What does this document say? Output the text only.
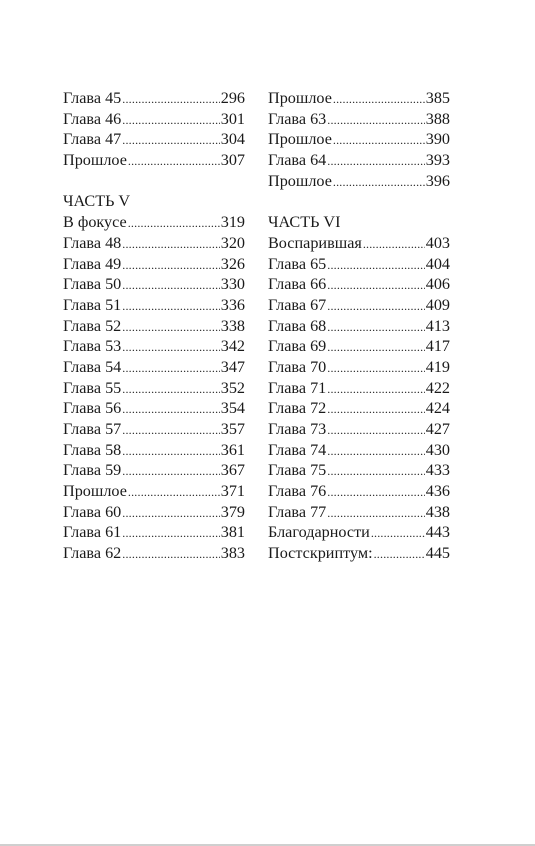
Глава 45 .....	296
Глава 46 .....	301
Глава 47 .....	304
Прошлое .....	307
ЧАСТЬ V
В фокусе .....	319
Глава 48 .....	320
Глава 49 .....	326
Глава 50 .....	330
Глава 51 .....	336
Глава 52 .....	338
Глава 53 .....	342
Глава 54 .....	347
Глава 55 .....	352
Глава 56 .....	354
Глава 57 .....	357
Глава 58 .....	361
Глава 59 .....	367
Прошлое .....	371
Глава 60 .....	379
Глава 61 .....	381
Глава 62 .....	383
Прошлое .....	385
Глава 63 .....	388
Прошлое .....	390
Глава 64 .....	393
Прошлое .....	396
ЧАСТЬ VI
Воспарившая .....	403
Глава 65 .....	404
Глава 66 .....	406
Глава 67 .....	409
Глава 68 .....	413
Глава 69 .....	417
Глава 70 .....	419
Глава 71 .....	422
Глава 72 .....	424
Глава 73 .....	427
Глава 74 .....	430
Глава 75 .....	433
Глава 76 .....	436
Глава 77 .....	438
Благодарности .....	443
Постскриптум: .....	445
